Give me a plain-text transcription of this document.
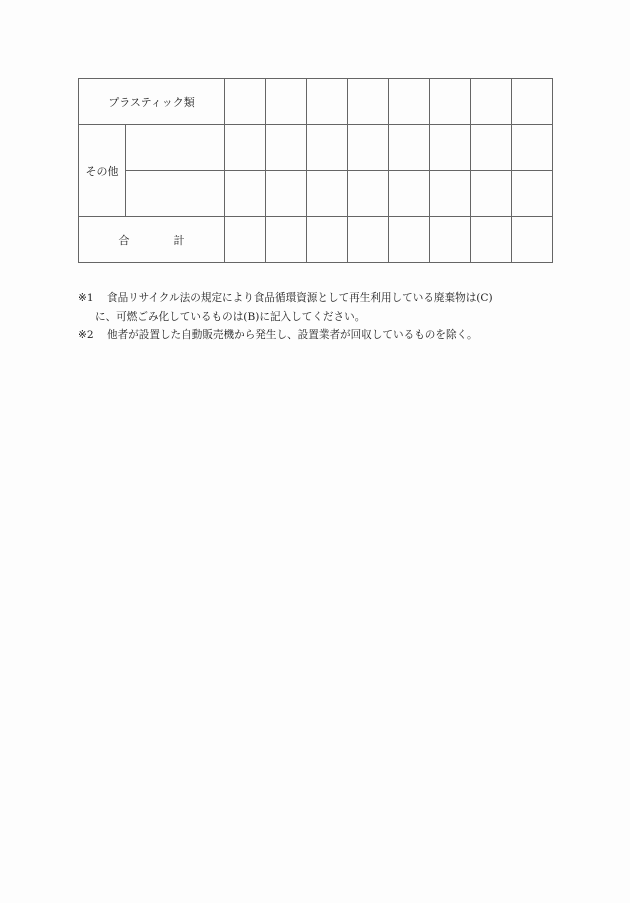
プラスティック類									
その他									

合 計									
※1 食品リサイクル法の規定により食品循環資源として再生利用している廃棄物は(C)
に、可燃ごみ化しているものは(B)に記入してください。
※2 他者が設置した自動販売機から発生し、設置業者が回収しているものを除く。
